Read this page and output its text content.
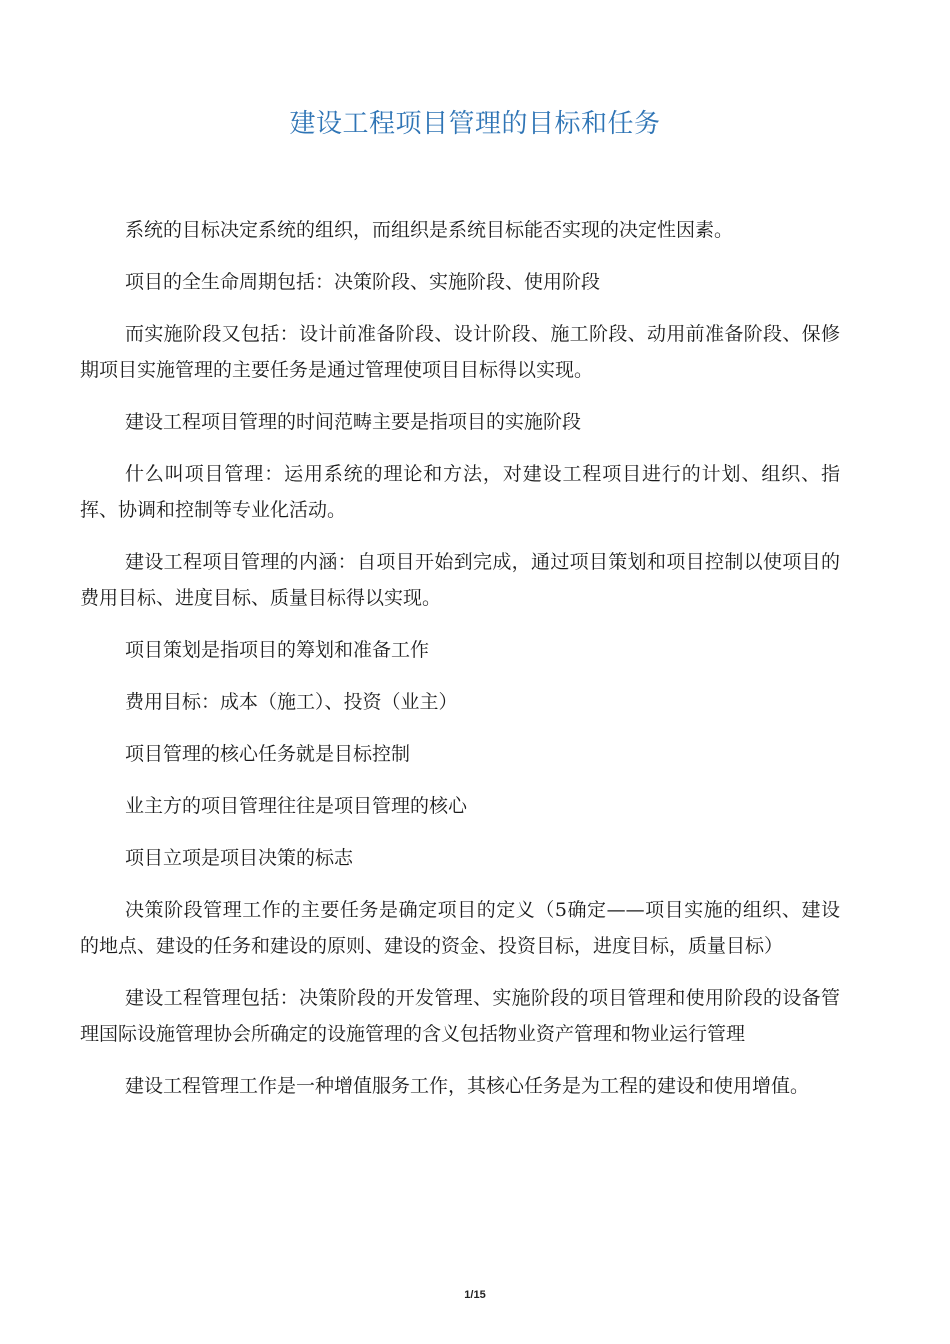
建设工程项目管理的目标和任务

系统的目标决定系统的组织，而组织是系统目标能否实现的决定性因素。

项目的全生命周期包括：决策阶段、实施阶段、使用阶段

而实施阶段又包括：设计前准备阶段、设计阶段、施工阶段、动用前准备阶段、保修期项目实施管理的主要任务是通过管理使项目目标得以实现。

建设工程项目管理的时间范畴主要是指项目的实施阶段

什么叫项目管理：运用系统的理论和方法，对建设工程项目进行的计划、组织、指挥、协调和控制等专业化活动。

建设工程项目管理的内涵：自项目开始到完成，通过项目策划和项目控制以使项目的费用目标、进度目标、质量目标得以实现。

项目策划是指项目的筹划和准备工作

费用目标：成本（施工）、投资（业主）

项目管理的核心任务就是目标控制

业主方的项目管理往往是项目管理的核心

项目立项是项目决策的标志

决策阶段管理工作的主要任务是确定项目的定义（5确定——项目实施的组织、建设的地点、建设的任务和建设的原则、建设的资金、投资目标，进度目标，质量目标）

建设工程管理包括：决策阶段的开发管理、实施阶段的项目管理和使用阶段的设备管理国际设施管理协会所确定的设施管理的含义包括物业资产管理和物业运行管理

建设工程管理工作是一种增值服务工作，其核心任务是为工程的建设和使用增值。

1/15
